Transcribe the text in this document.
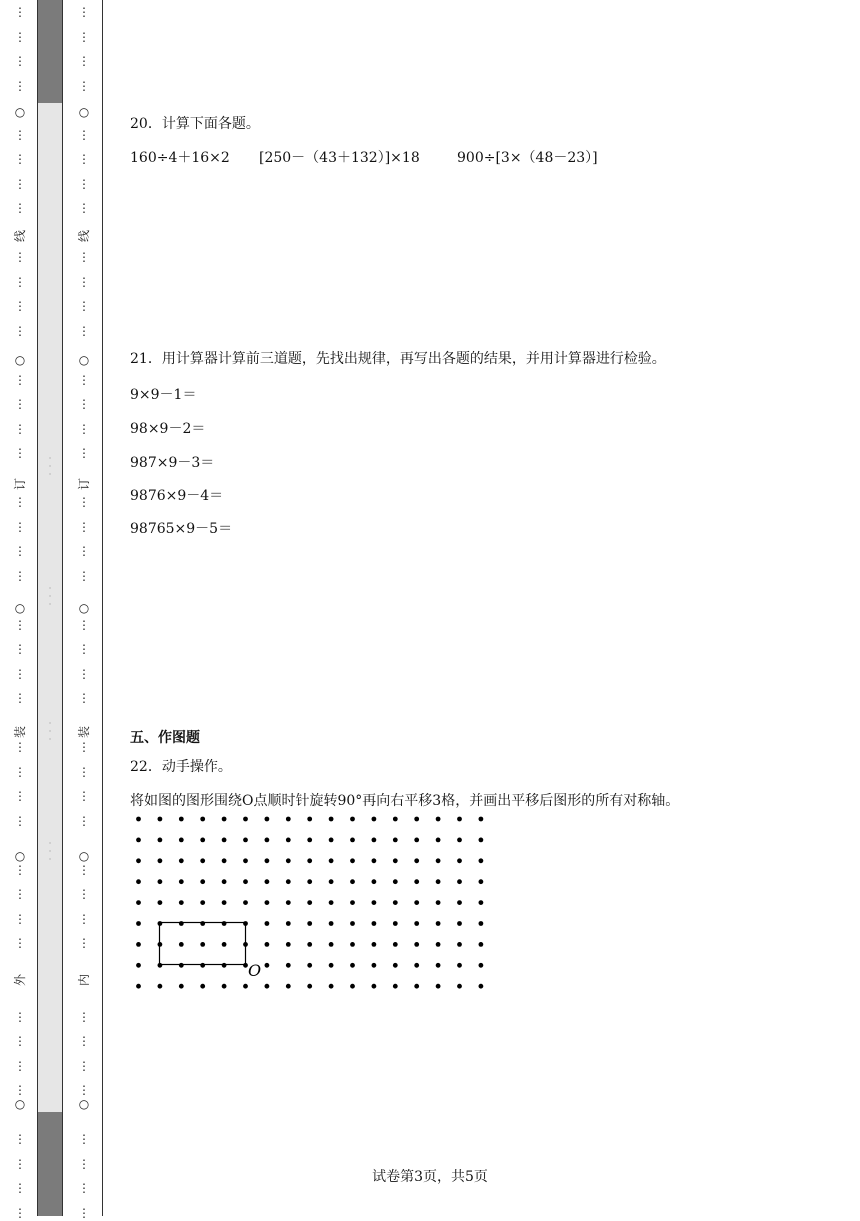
·
·
·
·
·
·
·
·
·
·
·
·
⋮
⋮
⋮
⋮
⋮
⋮
⋮
⋮
⋮
⋮
⋮
⋮
⋮
⋮
⋮
⋮
⋮
⋮
⋮
⋮
⋮
⋮
⋮
⋮
⋮
⋮
⋮
⋮
⋮
⋮
⋮
⋮
⋮
⋮
⋮
⋮
⋮
⋮
⋮
⋮
○
○
○
○
○
线
订
装
外
⋮
⋮
⋮
⋮
⋮
⋮
⋮
⋮
⋮
⋮
⋮
⋮
⋮
⋮
⋮
⋮
⋮
⋮
⋮
⋮
⋮
⋮
⋮
⋮
⋮
⋮
⋮
⋮
⋮
⋮
⋮
⋮
⋮
⋮
⋮
⋮
⋮
⋮
⋮
⋮
○
○
○
○
○
线
订
装
内
20．计算下面各题。
160÷4＋16×2 [250－（43＋132）]×18	900÷[3×（48－23）]
21．用计算器计算前三道题，先找出规律，再写出各题的结果，并用计算器进行检验。
9×9－1＝
98×9－2＝
987×9－3＝
9876×9－4＝
98765×9－5＝
五、作图题
22．动手操作。
将如图的图形围绕O点顺时针旋转90°再向右平移3格，并画出平移后图形的所有对称轴。
O
试卷第3页，共5页
